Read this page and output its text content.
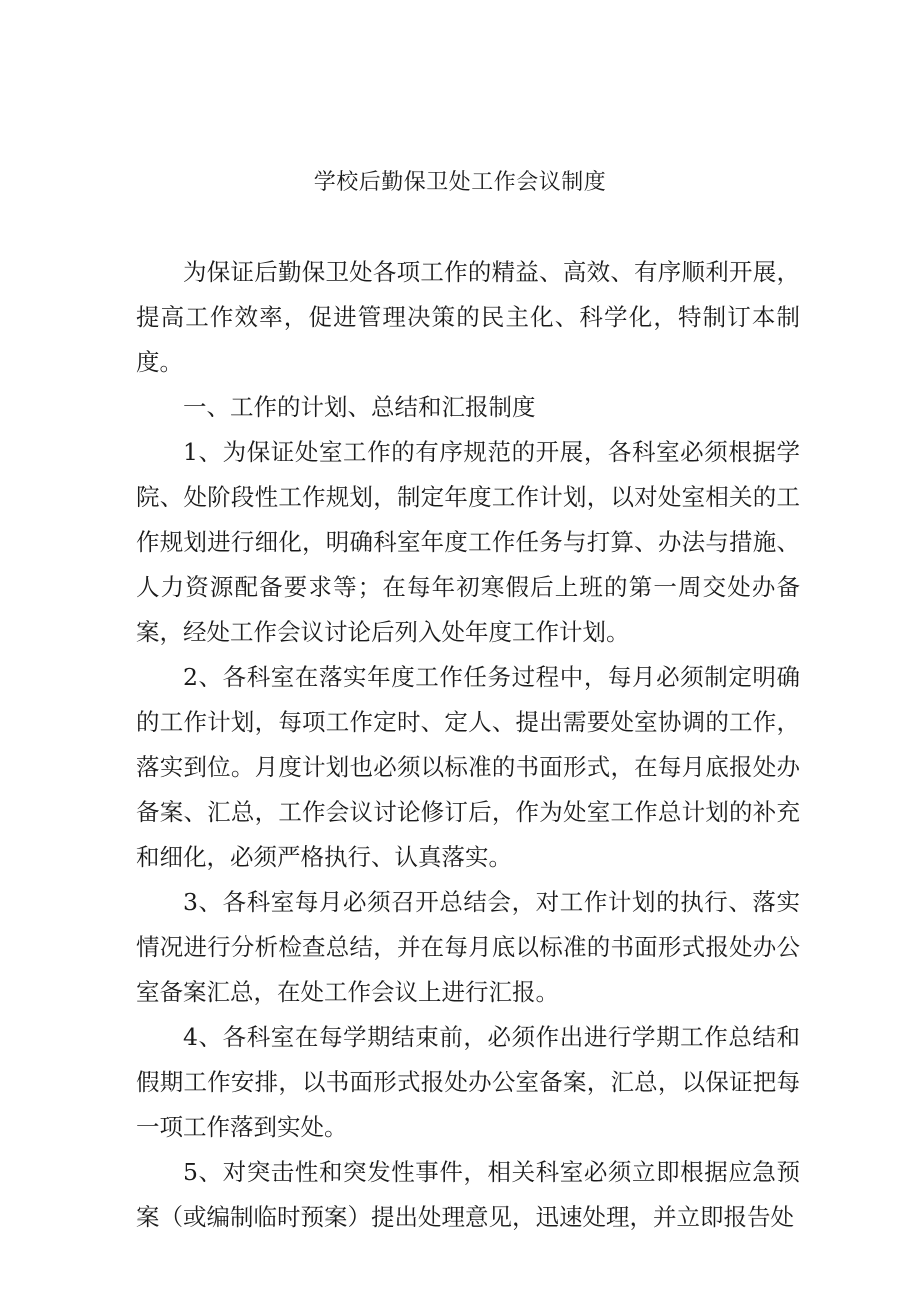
学校后勤保卫处工作会议制度

为保证后勤保卫处各项工作的精益、高效、有序顺利开展，提高工作效率，促进管理决策的民主化、科学化，特制订本制度。

一、工作的计划、总结和汇报制度

1、为保证处室工作的有序规范的开展，各科室必须根据学院、处阶段性工作规划，制定年度工作计划，以对处室相关的工作规划进行细化，明确科室年度工作任务与打算、办法与措施、人力资源配备要求等；在每年初寒假后上班的第一周交处办备案，经处工作会议讨论后列入处年度工作计划。

2、各科室在落实年度工作任务过程中，每月必须制定明确的工作计划，每项工作定时、定人、提出需要处室协调的工作，落实到位。月度计划也必须以标准的书面形式，在每月底报处办备案、汇总，工作会议讨论修订后，作为处室工作总计划的补充和细化，必须严格执行、认真落实。

3、各科室每月必须召开总结会，对工作计划的执行、落实情况进行分析检查总结，并在每月底以标准的书面形式报处办公室备案汇总，在处工作会议上进行汇报。

4、各科室在每学期结束前，必须作出进行学期工作总结和假期工作安排，以书面形式报处办公室备案，汇总，以保证把每一项工作落到实处。

5、对突击性和突发性事件，相关科室必须立即根据应急预案（或编制临时预案）提出处理意见，迅速处理，并立即报告处
